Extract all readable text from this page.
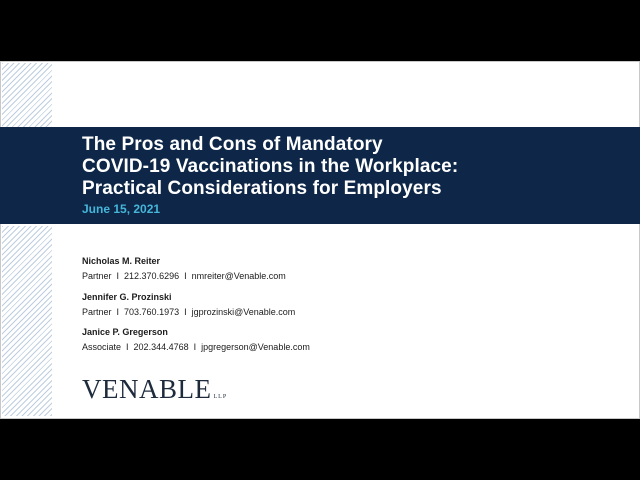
The Pros and Cons of Mandatory
COVID-19 Vaccinations in the Workplace:
Practical Considerations for Employers
June 15, 2021
Nicholas M. Reiter
Partner I 212.370.6296 I nmreiter@Venable.com
Jennifer G. Prozinski
Partner I 703.760.1973 I jgprozinski@Venable.com
Janice P. Gregerson
Associate I 202.344.4768 I jpgregerson@Venable.com
VENABLE LLP
